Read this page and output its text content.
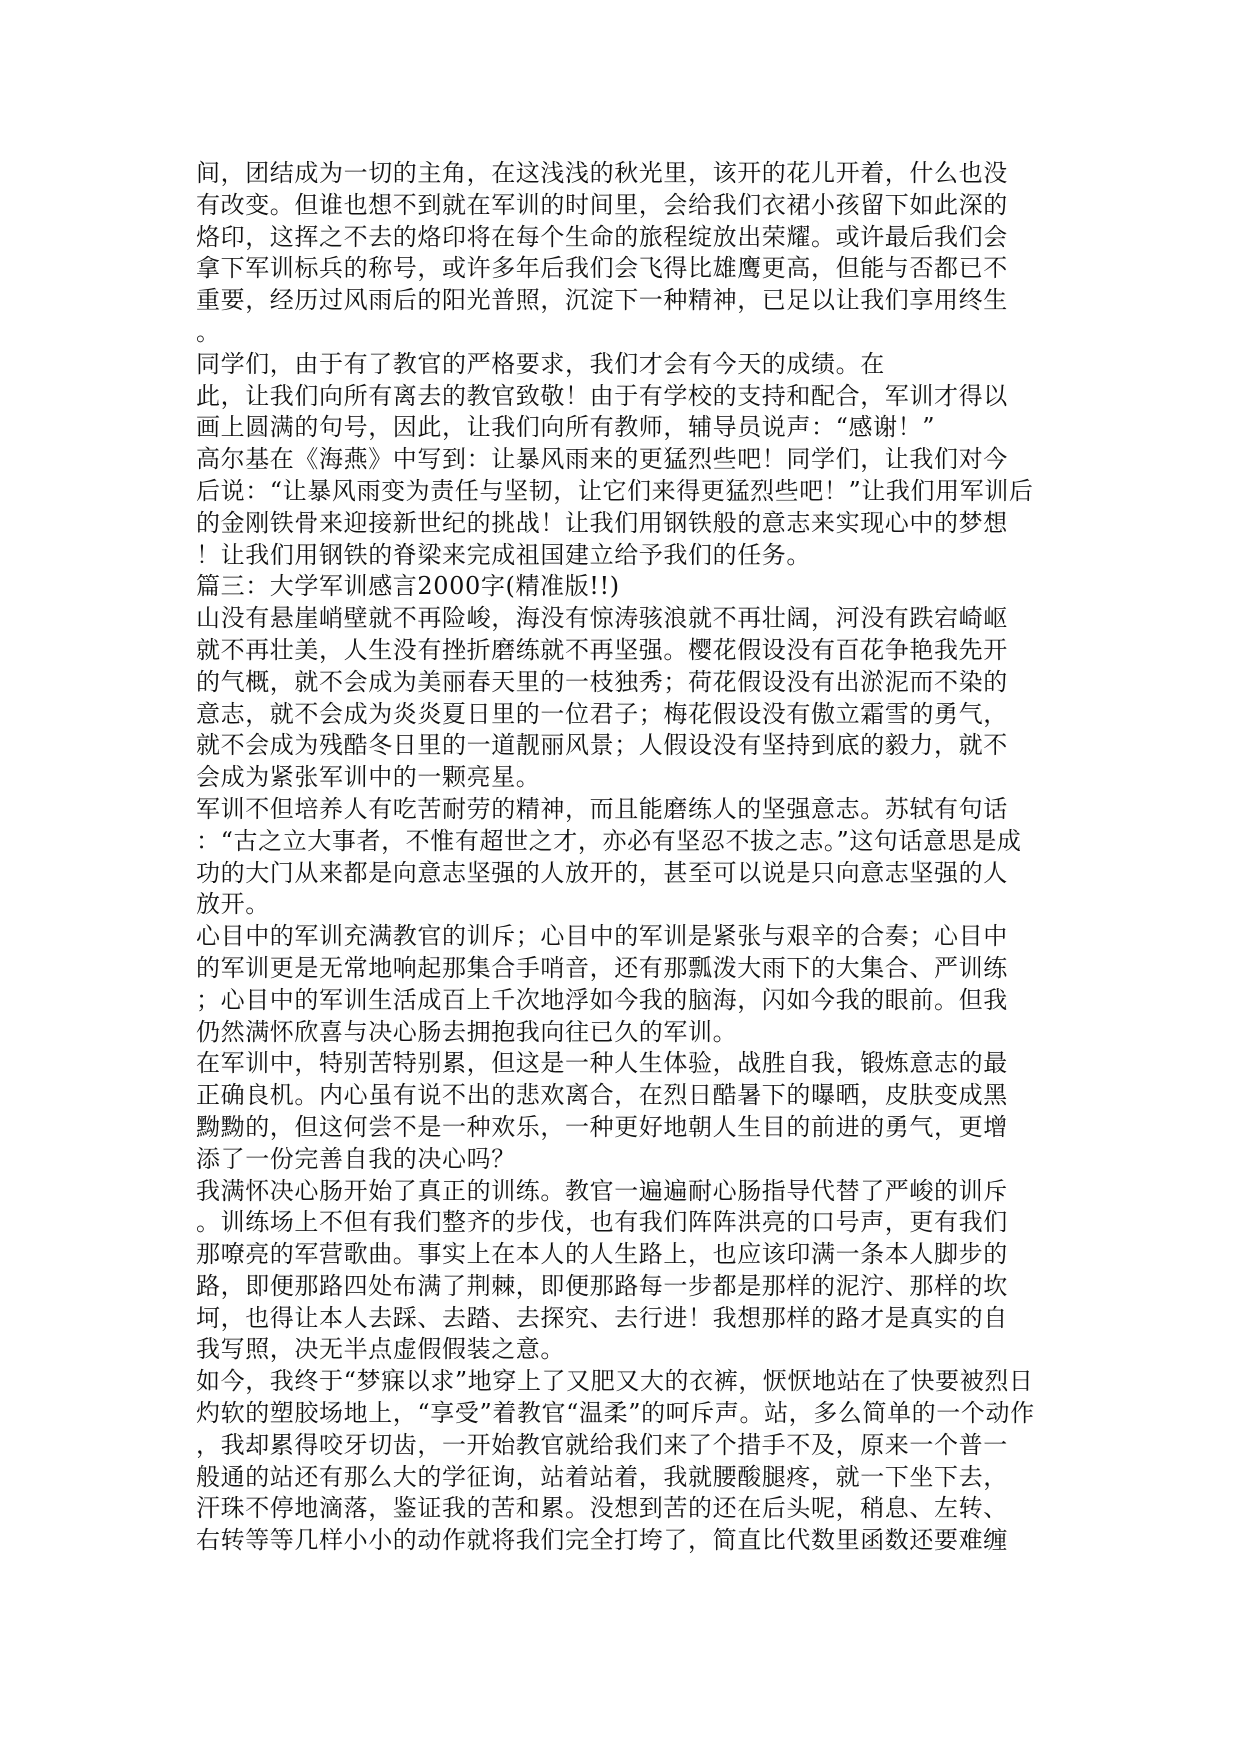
间，团结成为一切的主角，在这浅浅的秋光里，该开的花儿开着，什么也没
有改变。但谁也想不到就在军训的时间里，会给我们衣裙小孩留下如此深的
烙印，这挥之不去的烙印将在每个生命的旅程绽放出荣耀。或许最后我们会
拿下军训标兵的称号，或许多年后我们会飞得比雄鹰更高，但能与否都已不
重要，经历过风雨后的阳光普照，沉淀下一种精神，已足以让我们享用终生
。
同学们，由于有了教官的严格要求，我们才会有今天的成绩。在
此，让我们向所有离去的教官致敬！由于有学校的支持和配合，军训才得以
画上圆满的句号，因此，让我们向所有教师，辅导员说声：“感谢！”
高尔基在《海燕》中写到：让暴风雨来的更猛烈些吧！同学们，让我们对今
后说：“让暴风雨变为责任与坚韧，让它们来得更猛烈些吧！”让我们用军训后
的金刚铁骨来迎接新世纪的挑战！让我们用钢铁般的意志来实现心中的梦想
！让我们用钢铁的脊梁来完成祖国建立给予我们的任务。
篇三：大学军训感言2000字(精准版!!)
山没有悬崖峭壁就不再险峻，海没有惊涛骇浪就不再壮阔，河没有跌宕崎岖
就不再壮美，人生没有挫折磨练就不再坚强。樱花假设没有百花争艳我先开
的气概，就不会成为美丽春天里的一枝独秀；荷花假设没有出淤泥而不染的
意志，就不会成为炎炎夏日里的一位君子；梅花假设没有傲立霜雪的勇气，
就不会成为残酷冬日里的一道靓丽风景；人假设没有坚持到底的毅力，就不
会成为紧张军训中的一颗亮星。
军训不但培养人有吃苦耐劳的精神，而且能磨练人的坚强意志。苏轼有句话
：“古之立大事者，不惟有超世之才，亦必有坚忍不拔之志。”这句话意思是成
功的大门从来都是向意志坚强的人放开的，甚至可以说是只向意志坚强的人
放开。
心目中的军训充满教官的训斥；心目中的军训是紧张与艰辛的合奏；心目中
的军训更是无常地响起那集合手哨音，还有那瓢泼大雨下的大集合、严训练
；心目中的军训生活成百上千次地浮如今我的脑海，闪如今我的眼前。但我
仍然满怀欣喜与决心肠去拥抱我向往已久的军训。
在军训中，特别苦特别累，但这是一种人生体验，战胜自我，锻炼意志的最
正确良机。内心虽有说不出的悲欢离合，在烈日酷暑下的曝晒，皮肤变成黑
黝黝的，但这何尝不是一种欢乐，一种更好地朝人生目的前进的勇气，更增
添了一份完善自我的决心吗？
我满怀决心肠开始了真正的训练。教官一遍遍耐心肠指导代替了严峻的训斥
。训练场上不但有我们整齐的步伐，也有我们阵阵洪亮的口号声，更有我们
那嘹亮的军营歌曲。事实上在本人的人生路上，也应该印满一条本人脚步的
路，即便那路四处布满了荆棘，即便那路每一步都是那样的泥泞、那样的坎
坷，也得让本人去踩、去踏、去探究、去行进！我想那样的路才是真实的自
我写照，决无半点虚假假装之意。
如今，我终于“梦寐以求”地穿上了又肥又大的衣裤，恹恹地站在了快要被烈日
灼软的塑胶场地上，“享受”着教官“温柔”的呵斥声。站，多么简单的一个动作
，我却累得咬牙切齿，一开始教官就给我们来了个措手不及，原来一个普一
般通的站还有那么大的学征询，站着站着，我就腰酸腿疼，就一下坐下去，
汗珠不停地滴落，鉴证我的苦和累。没想到苦的还在后头呢，稍息、左转、
右转等等几样小小的动作就将我们完全打垮了，简直比代数里函数还要难缠
